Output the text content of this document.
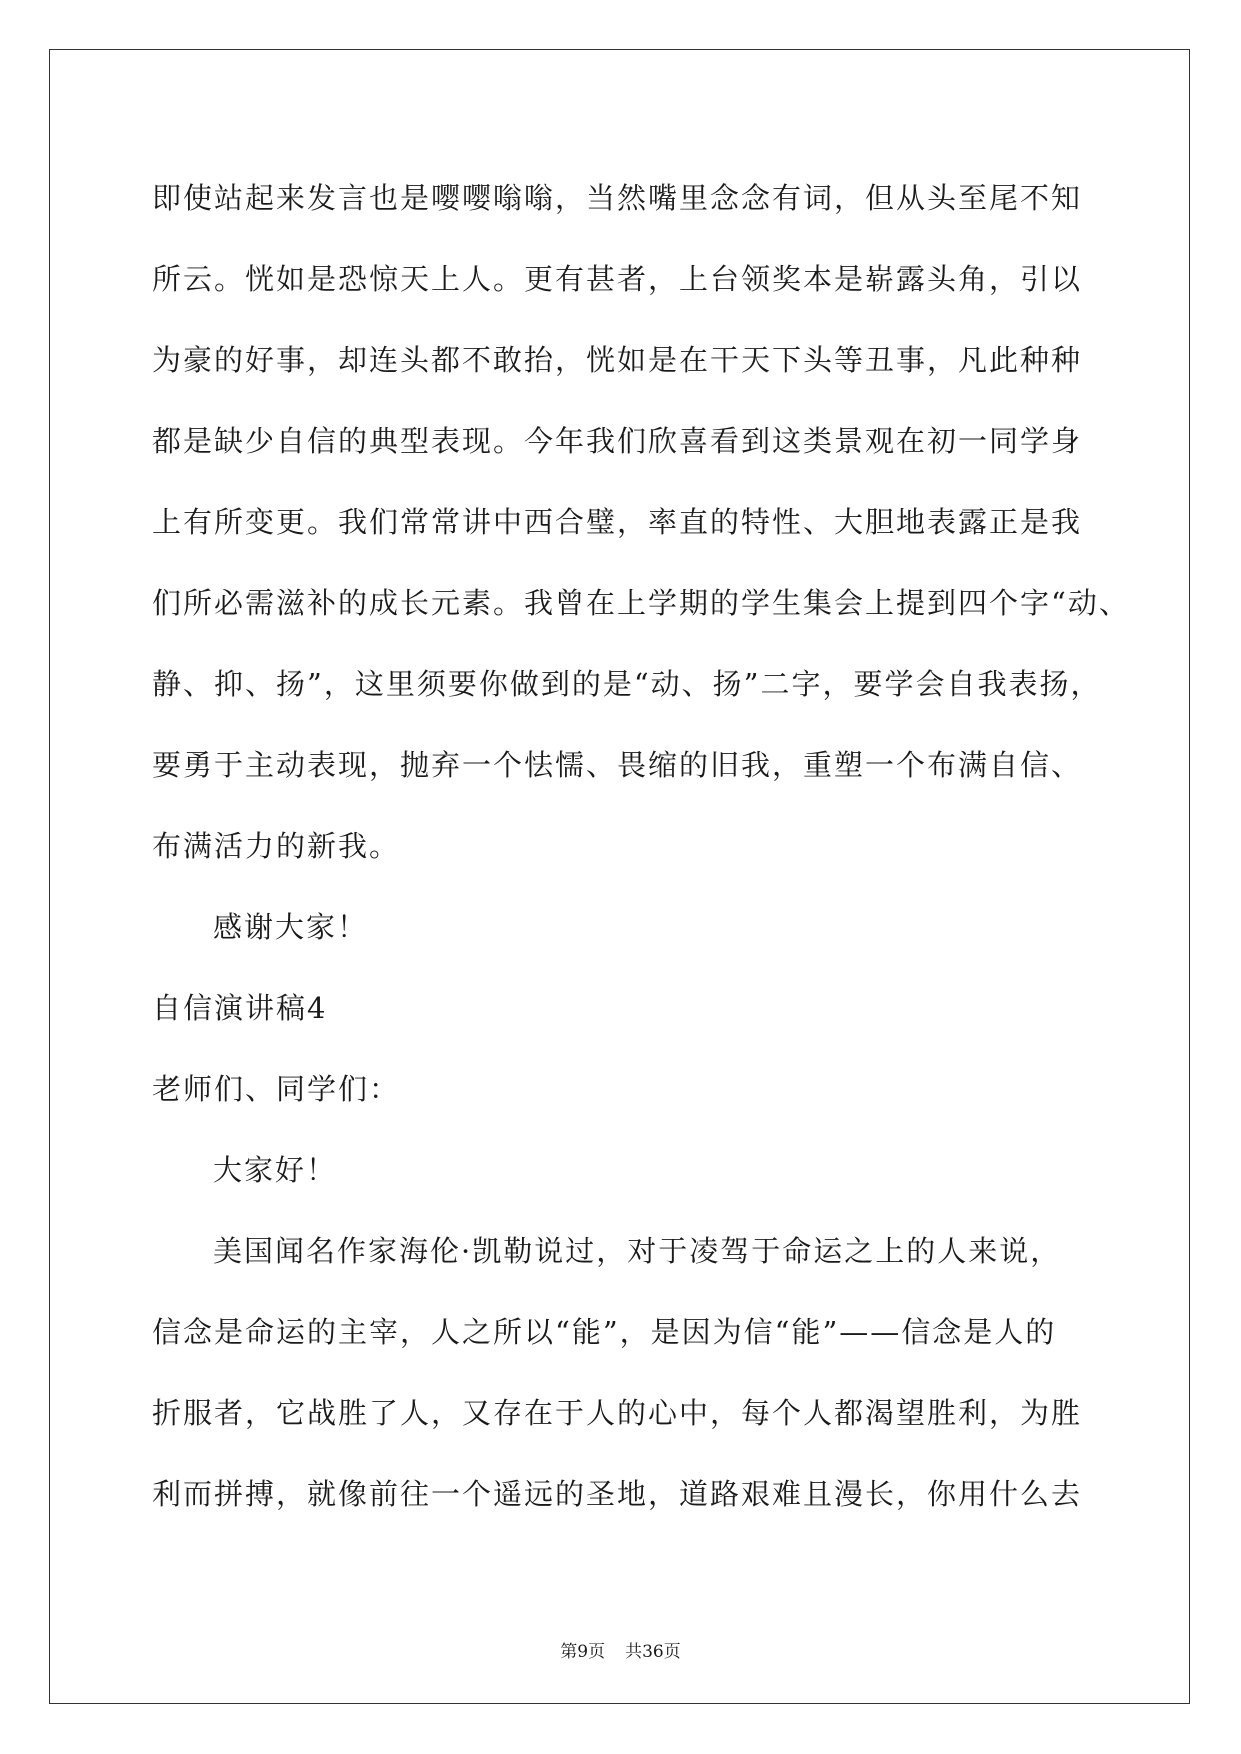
即使站起来发言也是嘤嘤嗡嗡，当然嘴里念念有词，但从头至尾不知
所云。恍如是恐惊天上人。更有甚者，上台领奖本是崭露头角，引以
为豪的好事，却连头都不敢抬，恍如是在干天下头等丑事，凡此种种
都是缺少自信的典型表现。今年我们欣喜看到这类景观在初一同学身
上有所变更。我们常常讲中西合璧，率直的特性、大胆地表露正是我
们所必需滋补的成长元素。我曾在上学期的学生集会上提到四个字“动、
静、抑、扬”，这里须要你做到的是“动、扬”二字，要学会自我表扬，
要勇于主动表现，抛弃一个怯懦、畏缩的旧我，重塑一个布满自信、
布满活力的新我。
感谢大家！
自信演讲稿4
老师们、同学们：
大家好！
美国闻名作家海伦·凯勒说过，对于凌驾于命运之上的人来说，
信念是命运的主宰，人之所以“能”，是因为信“能”——信念是人的
折服者，它战胜了人，又存在于人的心中，每个人都渴望胜利，为胜
利而拼搏，就像前往一个遥远的圣地，道路艰难且漫长，你用什么去
第9页 共36页
